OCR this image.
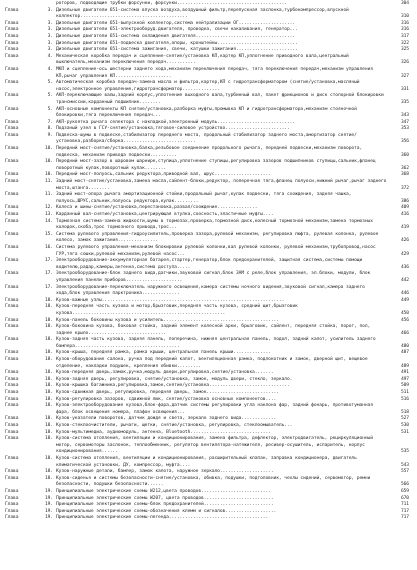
роторов, подводящие трубки форсунки, форсунки.........................................	304
Глава	3. Дизельные двигатели 651-система впуска воздуха,воздушный фильтр,перепускная заслонка,турбокомпрессор,впускной коллектор........................................	310
Глава	3. Дизельные двигатели 651-выпускной коллектор,система нейтрализации ОГ.....................	316
Глава	3. Дизельные двигатели 651-электрооборуд.двигателя, проводка, свечи накаливания, генератор...	316
Глава	3. Дизельные двигатели 651-система охлаждения двигателя.....................................	317
Глава	3. Дизельные двигатели 651-подвеска двигателя,опоры, кронштейны..............................	322
Глава	3. Дизельные двигатели 651-система зажигания, свечи, катушки зажигания.......................	325
Глава	4. Механическая коробка передач и сцепление-снятие/установка КП,картер КП,уплотнение приводного вала,центральный выключатель,механизм переключения передач...........	326
Глава	4. МКП и сцепление-ось шестерни заднего хода,механизм переключения передач, тяга переключения передач,механизм управления КП,рычаг управления КП.....................	327
Глава	5. Автоматическая коробка передач-замена масла и фильтра,картер,КП с гидротрансформатором (снятие/установка,масляный насос,электронное управление,гидротрансформатор..............	331
Глава	5. АКП-переключающие валы,задний корпус,уплотнение выходного вала,турбинный вал, пакет фрикционов и диск стопорной блокировки трансмиссии,карданный подшипник........	335
Глава	5. АКП-основные компоненты КП снятие/установка,разборка муфты,промывка КП и гидротрансформатора,механизм стояночной блокировки,тяга переключения передач...	343
Глава	7. АКП-рукоятка рычага селектора с накладкой,электронный модуль.............................	347
Глава	8. Подзаный узел в ГСУ-снятие/установка,тяговое-силовое устройство........................	353
Глава	9. Подвеска-шумы в подвеске,стабилизатор переднего моста, продольный стабилизатор заднего моста,амортизатор снятие/установка,разборка/сборка...........................	356
Глава	10. Передний мост-снятие/установка,балка,резьбовое соединение продольного рычага, передней подвески,механизм поворота, подвеска, механизм привода подвески..........	360
Глава	10. Передний мост-зазор в шаровом шарнире,ступица,уплотнение ступицы,регулировка зазоров подшипников ступицы,сальник,фланец поворотный кулак,поворотный кулак........	362
Глава	10. Передний мост-полуось,сальник редуктора,приводной вал, шрус.....................	368
Глава	11. Задний мост-снятие/установка,замена масла,сайлент-блоки,редуктор, поперечная тяга,фланец полуоси,нижний рычаг,рычаг заднего моста,штанга........	372
Глава	11. Задний мост-опора рычага амортизационной стойки,продольный рычаг,кулак подвески, тяга схождения, задняя чашка, полуось,ШРУС,сальник,полуось редуктора,кулак.........	386
Глава	12. Колеса и шины-снятие/установка,перестановка,развал/схождение...............	409
Глава	13. Карданный вал-снятие/установка,центрирующая втулка,соосность,эластичные муфты....	416
Глава	14. Тормозная система-замена жидкости,шумы в тормозах,проверка,тормозной диск,колесный тормозной механизм,замена тормозных колодок,скоба,трос тормозного привода,трос...	419
Глава	15. Система рулевого управления-гидроусилитель,проверка зазора,рулевой механизм, регулировка люфта, рулевая колонка, рулевое колесо, замок зажигания...............	426
Глава	16. Система рулевого управления-механизм блокировки рулевой колонки,вал рулевой колонки, рулевой механизм,трубопровод,насос ГУР,тяга сошки,рулевой механизм,рулевой насос...	429
Глава	17. Электрооборудование-аккумуляторная батарея,стартер,генератор,блок предохранителей, защитная система,системы помощи водителю,радар,камеры,антенна,система доступа.....	436
Глава	17. Электрооборудование-блок заднего вида,датчики,звуковой сигнал,блок ЗАМ с реле,блок управления, эл.блоки, модули, блок управления панели приборов.....................	442
Глава	17. Электрооборудование-переключатель наружного освещения,камера системы ночного видения,звуковой сигнал,камера заднего хода,блок управления парктроника..............	446
Глава	18. Кузов-важные узлы....................................................................	449
Глава	18. Кузов-передняя часть кузова и мотор,брызговик,передняя часть кузова, средний щит,брызговик кузова.........................................................	450
Глава	18. Кузов-панель боковины кузова и усилитель...........................................	456
Глава	18. Кузов-боковина кузова, боковая стойка, задний элемент колесной арки, брызговик, сайлент, передняя стойка, порог, пол, заднее крыло.............................	466
Глава	18. Кузов-задняя часть кузова, задняя панель, поперечина, нижняя центральная панель, подол, задний капот, усилитель заднего бампера.......................................	480
Глава	18. Кузов-крыша, передняя рамка, рамка крыши, центральная панель крыши..............	487
Глава	18. Кузов-оборудование салона, ручка под передний капот, вентиляционная рамка, подлокотник и замок, дверной щит, вещевое отделение, накладки подушек, крепления обивки.........	489
Глава	18. Кузов-передняя дверь,замок,ручка,модуль двери,регулировка,снятие/установка.......	491
Глава	18. Кузов-задняя дверь, регулировка, снятие/установка, замок, модуль двери, стекло, зеркало.	497
Глава	18. Кузов-крышка багажника,регулировка,замок,снятие/установка..............................	509
Глава	18. Кузов-сдвижная дверь, регулировка, передняя дверь, замок...........................	511
Глава	18. Кузов-регулировка зазоров, сдвижной люк, снятие/установка основных компонентов....	516
Глава	18. Кузов-электрооборудование кузова,блок-фара,датчик системы регулировки угла наклона фар, задний фонарь, противотуманная фара, блок освещения номера, плафон освещения...	518
Глава	18. Кузов-указатели поворотов, датчик дождя и света, зеркало заднего вида.............	527
Глава	18. Кузов-стеклоочистители, рычаги, щетки, снятие/установка, регулировка, стеклоомыватель...	530
Глава	18. Кузов-мультимедиа, аудиомодуль, антенна, Bluetooth..............................	531
Глава	18. Кузов-система отопления, вентиляции и кондиционирования, замена фильтра, дефлектор, электродвигатель, рециркуляционный мотор, сервомоторы заслонок, теплообменник, регулятор вентилятора-натяжителя, ресивер-осушитель, испаритель, корпус кондиционирования......	535
Глава	18. Кузов-система отопления, вентиляции и кондиционирования, расширительный клапан, заправка кондиционера, двигатель климатической установки, ДУ, компрессор, муфта....	543
Глава	18. Кузов-наружные детали, бампер, замок капота, наружное зеркало....................	557
Глава	18. Кузов-сиденья и системы безопасности-снятие/установка, обивка, подушки, подголовник, чехлы сидений, сервомотор, ремни безопасности, подушки безопасности......	566
Глава	19. Принципиальные электрические схемы W212,цвета проводов..........................	659
Глава	19. Принципиальные электрические схемы W207, цвета проводов..........................	670
Глава	19. Принципиальные электрические схемы-блок предохранителей..........................	711
Глава	19. Принципиальные электрические схемы-обозначения клемм и сигналов...................	717
Глава	19. Принципиальные электрические схемы-легенда.....................................	717
